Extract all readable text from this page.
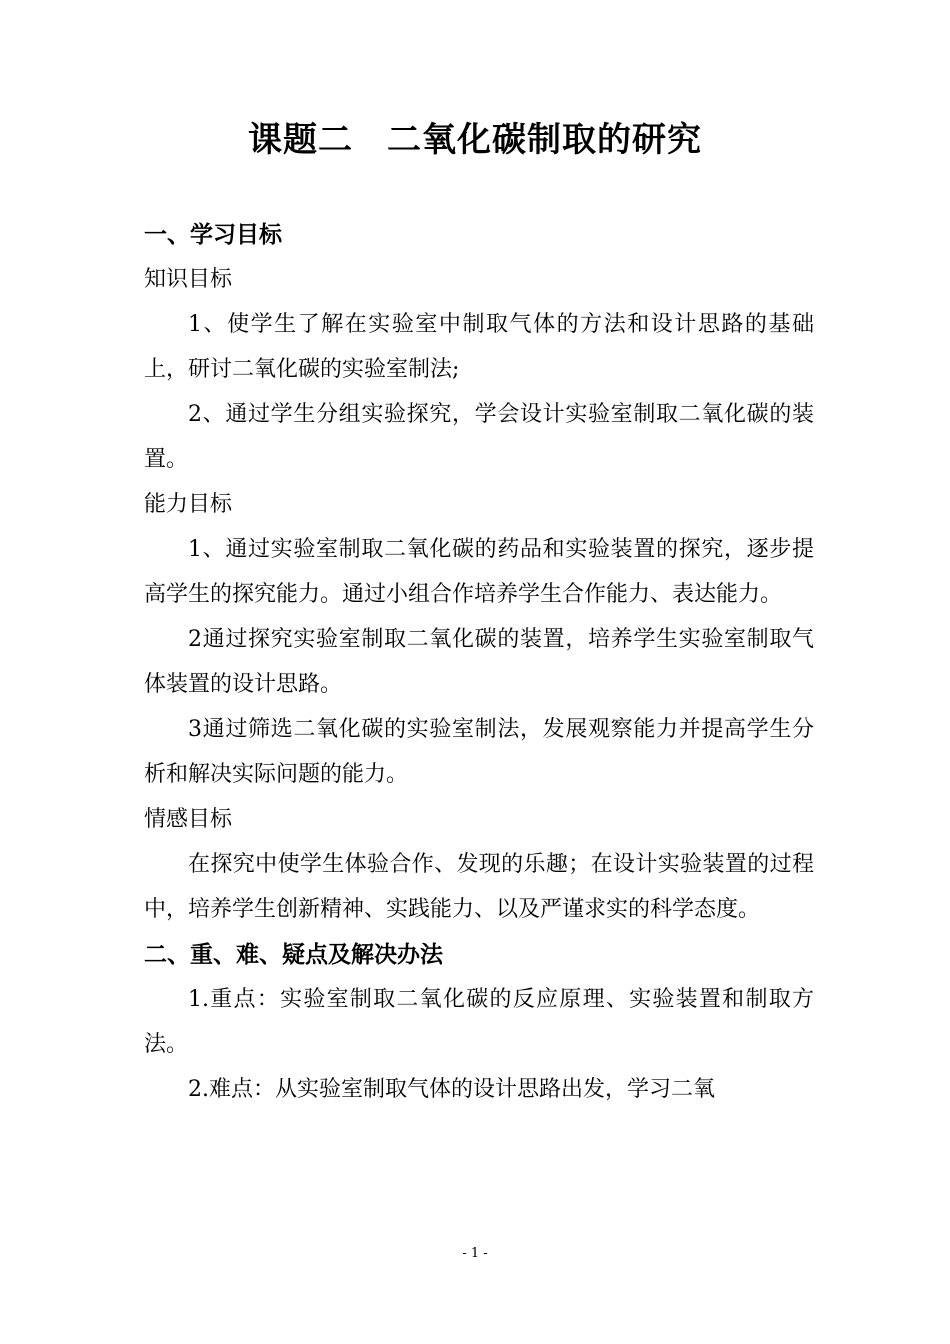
课题二 二氧化碳制取的研究

一、学习目标

知识目标

1、使学生了解在实验室中制取气体的方法和设计思路的基础上，研讨二氧化碳的实验室制法;

2、通过学生分组实验探究，学会设计实验室制取二氧化碳的装置。

能力目标

1、通过实验室制取二氧化碳的药品和实验装置的探究，逐步提高学生的探究能力。通过小组合作培养学生合作能力、表达能力。

2通过探究实验室制取二氧化碳的装置，培养学生实验室制取气体装置的设计思路。

3通过筛选二氧化碳的实验室制法，发展观察能力并提高学生分析和解决实际问题的能力。

情感目标

在探究中使学生体验合作、发现的乐趣；在设计实验装置的过程中，培养学生创新精神、实践能力、以及严谨求实的科学态度。

二、重、难、疑点及解决办法

1.重点：实验室制取二氧化碳的反应原理、实验装置和制取方法。

2.难点：从实验室制取气体的设计思路出发，学习二氧

- 1 -
